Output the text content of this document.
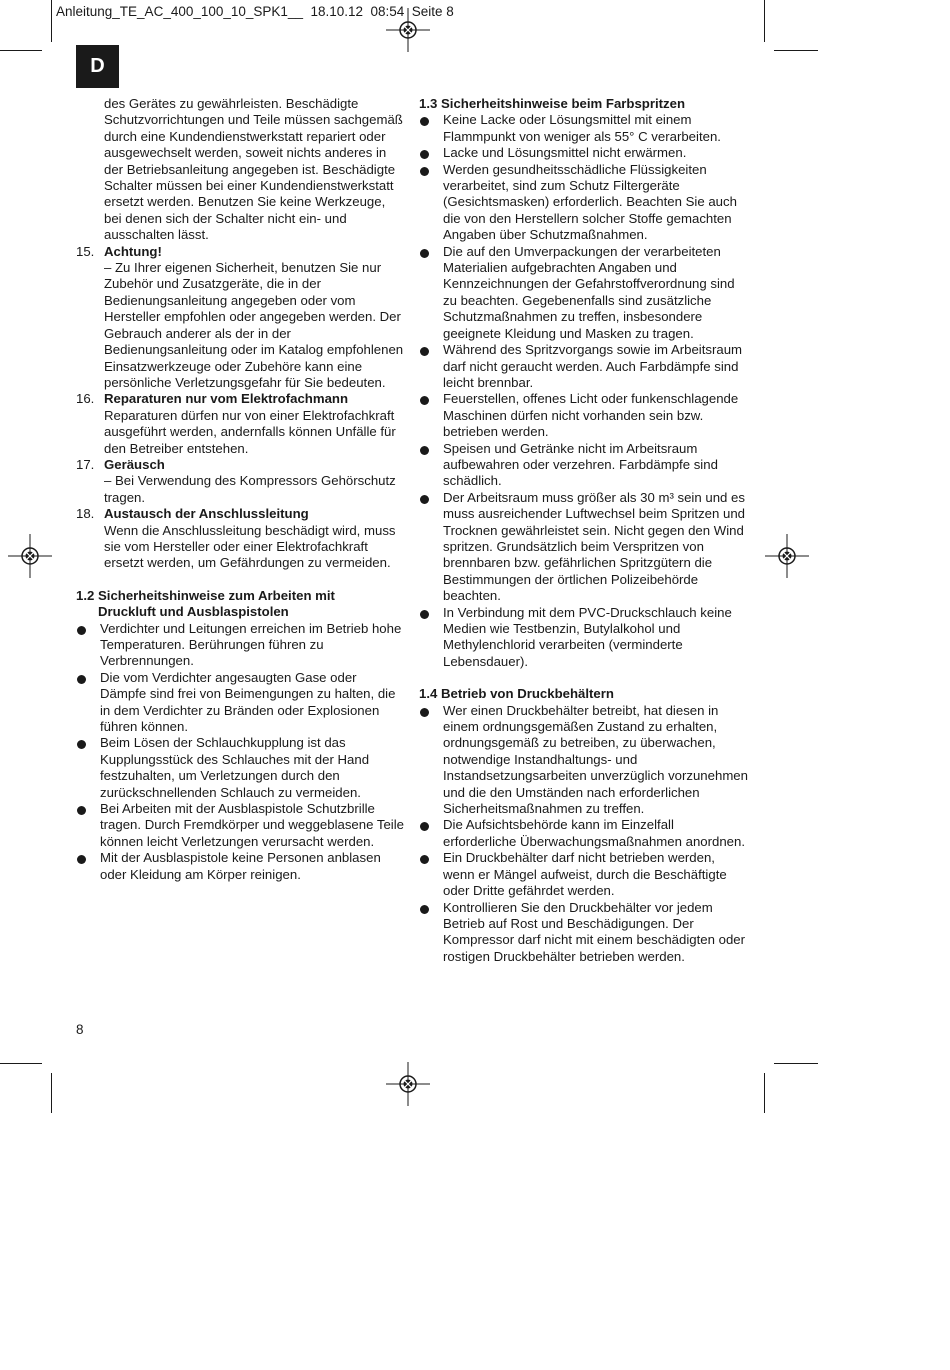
Anleitung_TE_AC_400_100_10_SPK1__  18.10.12  08:54  Seite 8
D

des Gerätes zu gewährleisten. Beschädigte Schutzvorrichtungen und Teile müssen sachgemäß durch eine Kundendienstwerkstatt repariert oder ausgewechselt werden, soweit nichts anderes in der Betriebsanleitung angegeben ist. Beschädigte Schalter müssen bei einer Kundendienstwerkstatt ersetzt werden. Benutzen Sie keine Werkzeuge, bei denen sich der Schalter nicht ein- und ausschalten lässt.

15. Achtung!
– Zu Ihrer eigenen Sicherheit, benutzen Sie nur Zubehör und Zusatzgeräte, die in der Bedienungsanleitung angegeben oder vom Hersteller empfohlen oder angegeben werden. Der Gebrauch anderer als der in der Bedienungsanleitung oder im Katalog empfohlenen Einsatzwerkzeuge oder Zubehöre kann eine persönliche Verletzungsgefahr für Sie bedeuten.
16. Reparaturen nur vom Elektrofachmann
Reparaturen dürfen nur von einer Elektrofachkraft ausgeführt werden, andernfalls können Unfälle für den Betreiber entstehen.
17. Geräusch
– Bei Verwendung des Kompressors Gehörschutz tragen.
18. Austausch der Anschlussleitung
Wenn die Anschlussleitung beschädigt wird, muss sie vom Hersteller oder einer Elektrofachkraft ersetzt werden, um Gefährdungen zu vermeiden.
1.2 Sicherheitshinweise zum Arbeiten mit
Druckluft und Ausblaspistolen
Verdichter und Leitungen erreichen im Betrieb hohe Temperaturen. Berührungen führen zu Verbrennungen.
Die vom Verdichter angesaugten Gase oder Dämpfe sind frei von Beimengungen zu halten, die in dem Verdichter zu Bränden oder Explosionen führen können.
Beim Lösen der Schlauchkupplung ist das Kupplungsstück des Schlauches mit der Hand festzuhalten, um Verletzungen durch den zurückschnellenden Schlauch zu vermeiden.
Bei Arbeiten mit der Ausblaspistole Schutzbrille tragen. Durch Fremdkörper und weggeblasene Teile können leicht Verletzungen verursacht werden.
Mit der Ausblaspistole keine Personen anblasen oder Kleidung am Körper reinigen.
1.3 Sicherheitshinweise beim Farbspritzen
Keine Lacke oder Lösungsmittel mit einem Flammpunkt von weniger als 55° C verarbeiten.
Lacke und Lösungsmittel nicht erwärmen.
Werden gesundheitsschädliche Flüssigkeiten verarbeitet, sind zum Schutz Filtergeräte (Gesichtsmasken) erforderlich. Beachten Sie auch die von den Herstellern solcher Stoffe gemachten Angaben über Schutzmaßnahmen.
Die auf den Umverpackungen der verarbeiteten Materialien aufgebrachten Angaben und Kennzeichnungen der Gefahrstoffverordnung sind zu beachten. Gegebenenfalls sind zusätzliche Schutzmaßnahmen zu treffen, insbesondere geeignete Kleidung und Masken zu tragen.
Während des Spritzvorgangs sowie im Arbeitsraum darf nicht geraucht werden. Auch Farbdämpfe sind leicht brennbar.
Feuerstellen, offenes Licht oder funkenschlagende Maschinen dürfen nicht vorhanden sein bzw. betrieben werden.
Speisen und Getränke nicht im Arbeitsraum aufbewahren oder verzehren. Farbdämpfe sind schädlich.
Der Arbeitsraum muss größer als 30 m³ sein und es muss ausreichender Luftwechsel beim Spritzen und Trocknen gewährleistet sein. Nicht gegen den Wind spritzen. Grundsätzlich beim Verspritzen von brennbaren bzw. gefährlichen Spritzgütern die Bestimmungen der örtlichen Polizeibehörde beachten.
In Verbindung mit dem PVC-Druckschlauch keine Medien wie Testbenzin, Butylalkohol und Methylenchlorid verarbeiten (verminderte Lebensdauer).
1.4 Betrieb von Druckbehältern
Wer einen Druckbehälter betreibt, hat diesen in einem ordnungsgemäßen Zustand zu erhalten, ordnungsgemäß zu betreiben, zu überwachen, notwendige Instandhaltungs- und Instandsetzungsarbeiten unverzüglich vorzunehmen und die den Umständen nach erforderlichen Sicherheitsmaßnahmen zu treffen.
Die Aufsichtsbehörde kann im Einzelfall erforderliche Überwachungsmaßnahmen anordnen.
Ein Druckbehälter darf nicht betrieben werden, wenn er Mängel aufweist, durch die Beschäftigte oder Dritte gefährdet werden.
Kontrollieren Sie den Druckbehälter vor jedem Betrieb auf Rost und Beschädigungen. Der Kompressor darf nicht mit einem beschädigten oder rostigen Druckbehälter betrieben werden.
8
